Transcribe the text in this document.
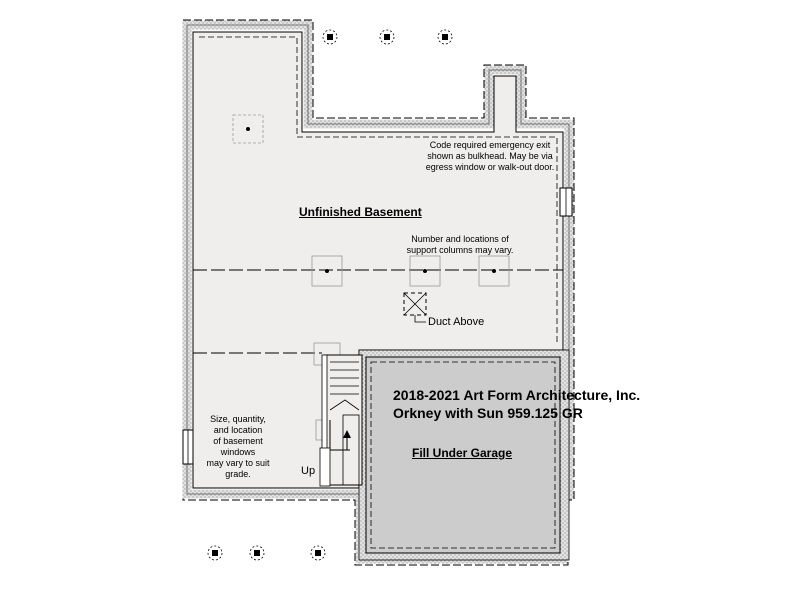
Code required emergency exit
shown as bulkhead. May be via
egress window or walk-out door.
Unfinished Basement
Number and locations of
support columns may vary.
Duct Above
Size, quantity,
and location
of basement
windows
may vary to suit
grade.	Up
2018-2021 Art Form Architecture, Inc.
Orkney with Sun 959.125 GR
Fill Under Garage
